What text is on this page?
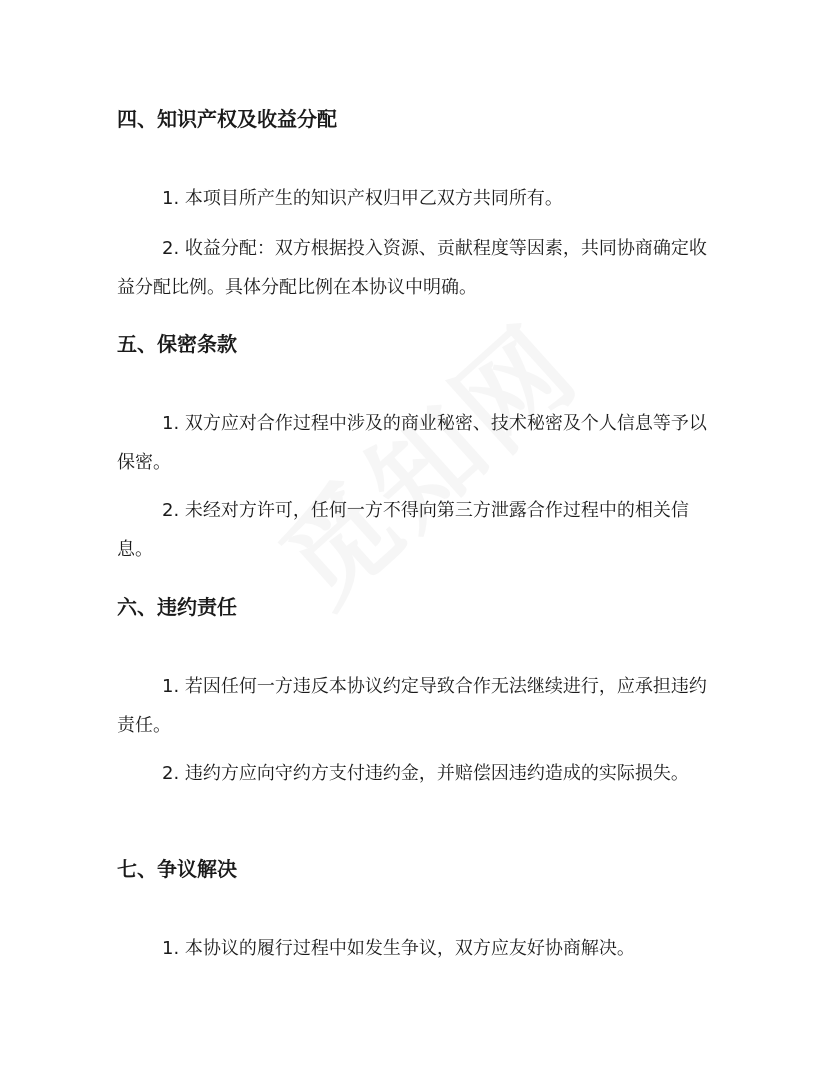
四、知识产权及收益分配

1. 本项目所产生的知识产权归甲乙双方共同所有。

2. 收益分配：双方根据投入资源、贡献程度等因素，共同协商确定收益分配比例。具体分配比例在本协议中明确。

五、保密条款

1. 双方应对合作过程中涉及的商业秘密、技术秘密及个人信息等予以保密。

2. 未经对方许可，任何一方不得向第三方泄露合作过程中的相关信息。

六、违约责任

1. 若因任何一方违反本协议约定导致合作无法继续进行，应承担违约责任。

2. 违约方应向守约方支付违约金，并赔偿因违约造成的实际损失。

七、争议解决

1. 本协议的履行过程中如发生争议，双方应友好协商解决。
